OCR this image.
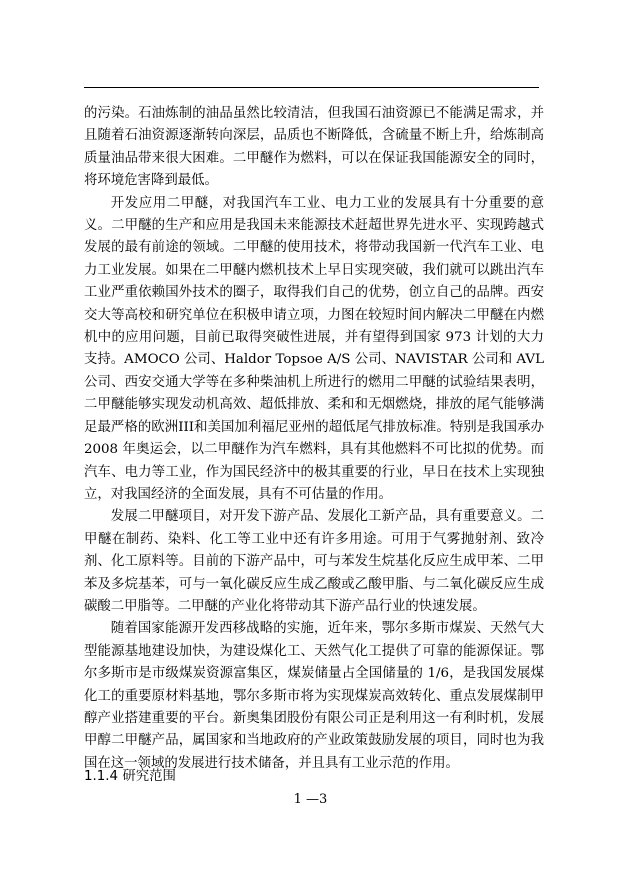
的污染。石油炼制的油品虽然比较清洁，但我国石油资源已不能满足需求，并且随着石油资源逐渐转向深层，品质也不断降低，含硫量不断上升，给炼制高质量油品带来很大困难。二甲醚作为燃料，可以在保证我国能源安全的同时，将环境危害降到最低。

开发应用二甲醚，对我国汽车工业、电力工业的发展具有十分重要的意义。二甲醚的生产和应用是我国未来能源技术赶超世界先进水平、实现跨越式发展的最有前途的领域。二甲醚的使用技术，将带动我国新一代汽车工业、电力工业发展。如果在二甲醚内燃机技术上早日实现突破，我们就可以跳出汽车工业严重依赖国外技术的圈子，取得我们自己的优势，创立自己的品牌。西安交大等高校和研究单位在积极申请立项，力图在较短时间内解决二甲醚在内燃机中的应用问题，目前已取得突破性进展，并有望得到国家 973 计划的大力支持。AMOCO 公司、Haldor Topsoe A/S 公司、NAVISTAR 公司和 AVL 公司、西安交通大学等在多种柴油机上所进行的燃用二甲醚的试验结果表明，二甲醚能够实现发动机高效、超低排放、柔和和无烟燃烧，排放的尾气能够满足最严格的欧洲III和美国加利福尼亚州的超低尾气排放标准。特别是我国承办 2008 年奥运会，以二甲醚作为汽车燃料，具有其他燃料不可比拟的优势。而汽车、电力等工业，作为国民经济中的极其重要的行业，早日在技术上实现独立，对我国经济的全面发展，具有不可估量的作用。

发展二甲醚项目，对开发下游产品、发展化工新产品，具有重要意义。二甲醚在制药、染料、化工等工业中还有许多用途。可用于气雾抛射剂、致冷剂、化工原料等。目前的下游产品中，可与苯发生烷基化反应生成甲苯、二甲苯及多烷基苯，可与一氧化碳反应生成乙酸或乙酸甲脂、与二氧化碳反应生成碳酸二甲脂等。二甲醚的产业化将带动其下游产品行业的快速发展。

随着国家能源开发西移战略的实施，近年来，鄂尔多斯市煤炭、天然气大型能源基地建设加快，为建设煤化工、天然气化工提供了可靠的能源保证。鄂尔多斯市是市级煤炭资源富集区，煤炭储量占全国储量的 1/6，是我国发展煤化工的重要原材料基地，鄂尔多斯市将为实现煤炭高效转化、重点发展煤制甲醇产业搭建重要的平台。新奥集团股份有限公司正是利用这一有利时机，发展甲醇二甲醚产品，属国家和当地政府的产业政策鼓励发展的项目，同时也为我国在这一领域的发展进行技术储备，并且具有工业示范的作用。

1.1.4 研究范围
1 —3
